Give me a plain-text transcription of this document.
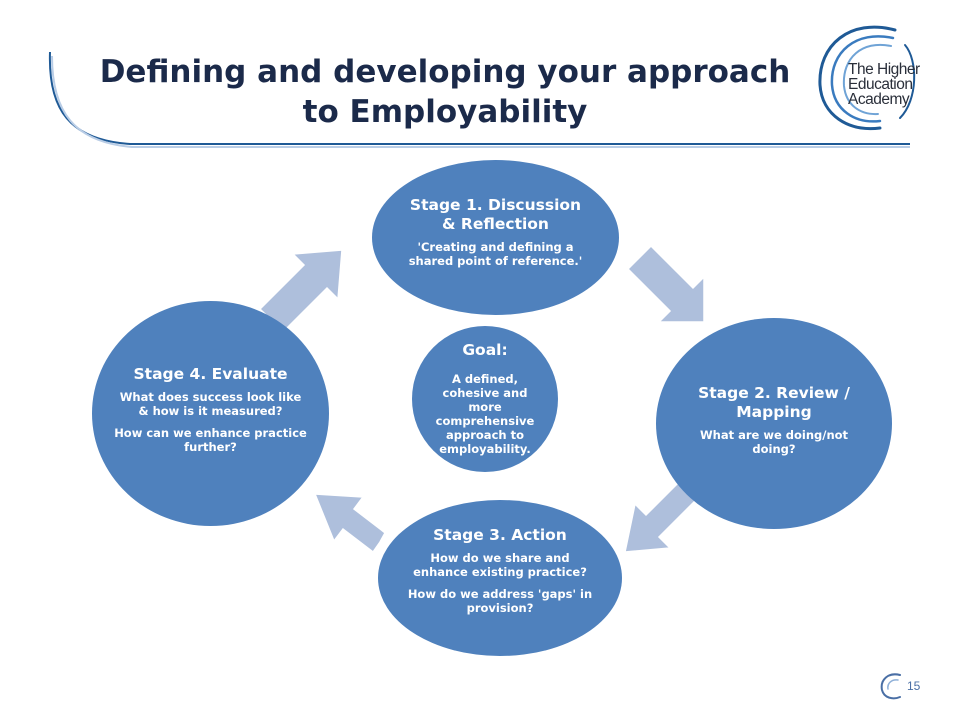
Defining and developing your approach
to Employability
The Higher
Education
Academy
Stage 1. Discussion & Reflection
'Creating and defining a shared point of reference.'
Stage 2. Review / Mapping
What are we doing/not doing?
Stage 3. Action
How do we share and enhance existing practice?
How do we address 'gaps' in provision?
Stage 4. Evaluate
What does success look like & how is it measured?
How can we enhance practice further?
Goal:
A defined, cohesive and more comprehensive approach to employability.
15
